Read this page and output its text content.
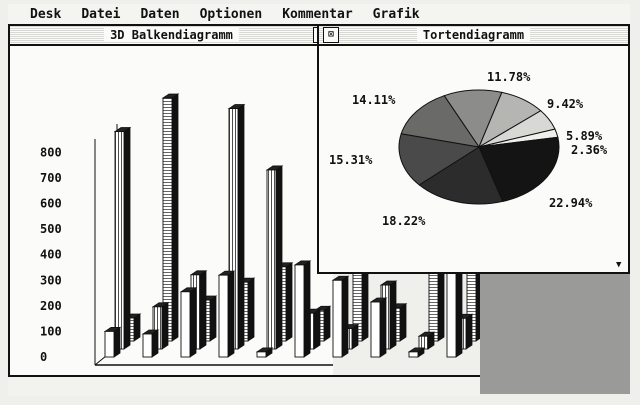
Desk Datei Daten Optionen Kommentar Grafik
3D Balkendiagramm
0
100
200
300
400
500
600
700
800
Tortendiagramm
⊠
11.78%
9.42%
5.89%
2.36%
22.94%
18.22%
15.31%
14.11%
▼
